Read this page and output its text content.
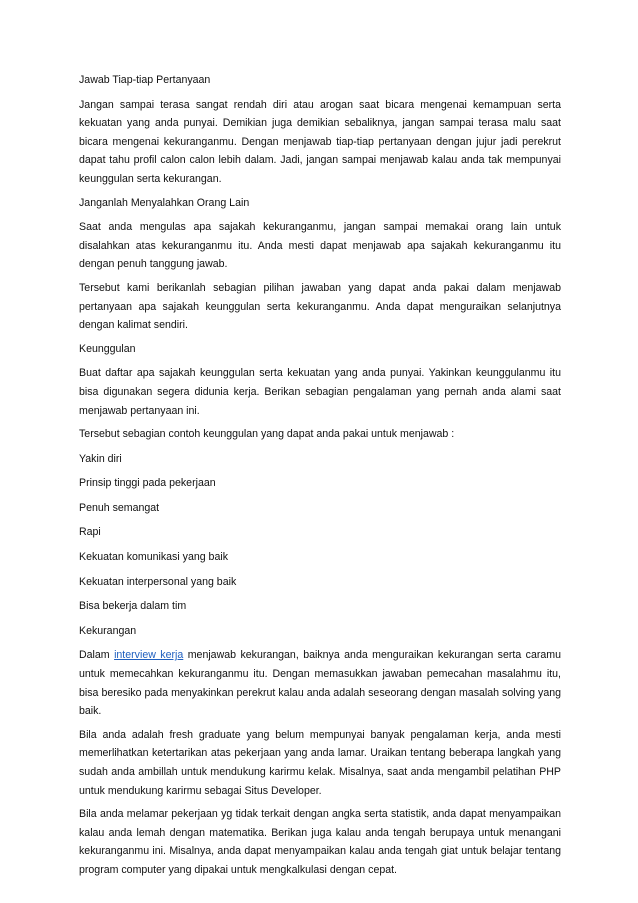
Jawab Tiap-tiap Pertanyaan

Jangan sampai terasa sangat rendah diri atau arogan saat bicara mengenai kemampuan serta kekuatan yang anda punyai. Demikian juga demikian sebaliknya, jangan sampai terasa malu saat bicara mengenai kekuranganmu. Dengan menjawab tiap-tiap pertanyaan dengan jujur jadi perekrut dapat tahu profil calon calon lebih dalam. Jadi, jangan sampai menjawab kalau anda tak mempunyai keunggulan serta kekurangan.

Janganlah Menyalahkan Orang Lain

Saat anda mengulas apa sajakah kekuranganmu, jangan sampai memakai orang lain untuk disalahkan atas kekuranganmu itu. Anda mesti dapat menjawab apa sajakah kekuranganmu itu dengan penuh tanggung jawab.

Tersebut kami berikanlah sebagian pilihan jawaban yang dapat anda pakai dalam menjawab pertanyaan apa sajakah keunggulan serta kekuranganmu. Anda dapat menguraikan selanjutnya dengan kalimat sendiri.

Keunggulan

Buat daftar apa sajakah keunggulan serta kekuatan yang anda punyai. Yakinkan keunggulanmu itu bisa digunakan segera didunia kerja. Berikan sebagian pengalaman yang pernah anda alami saat menjawab pertanyaan ini.

Tersebut sebagian contoh keunggulan yang dapat anda pakai untuk menjawab :

Yakin diri

Prinsip tinggi pada pekerjaan

Penuh semangat

Rapi

Kekuatan komunikasi yang baik

Kekuatan interpersonal yang baik

Bisa bekerja dalam tim

Kekurangan

Dalam interview kerja menjawab kekurangan, baiknya anda menguraikan kekurangan serta caramu untuk memecahkan kekuranganmu itu. Dengan memasukkan jawaban pemecahan masalahmu itu, bisa beresiko pada menyakinkan perekrut kalau anda adalah seseorang dengan masalah solving yang baik.

Bila anda adalah fresh graduate yang belum mempunyai banyak pengalaman kerja, anda mesti memerlihatkan ketertarikan atas pekerjaan yang anda lamar. Uraikan tentang beberapa langkah yang sudah anda ambillah untuk mendukung karirmu kelak. Misalnya, saat anda mengambil pelatihan PHP untuk mendukung karirmu sebagai Situs Developer.

Bila anda melamar pekerjaan yg tidak terkait dengan angka serta statistik, anda dapat menyampaikan kalau anda lemah dengan matematika. Berikan juga kalau anda tengah berupaya untuk menangani kekuranganmu ini. Misalnya, anda dapat menyampaikan kalau anda tengah giat untuk belajar tentang program computer yang dipakai untuk mengkalkulasi dengan cepat.
